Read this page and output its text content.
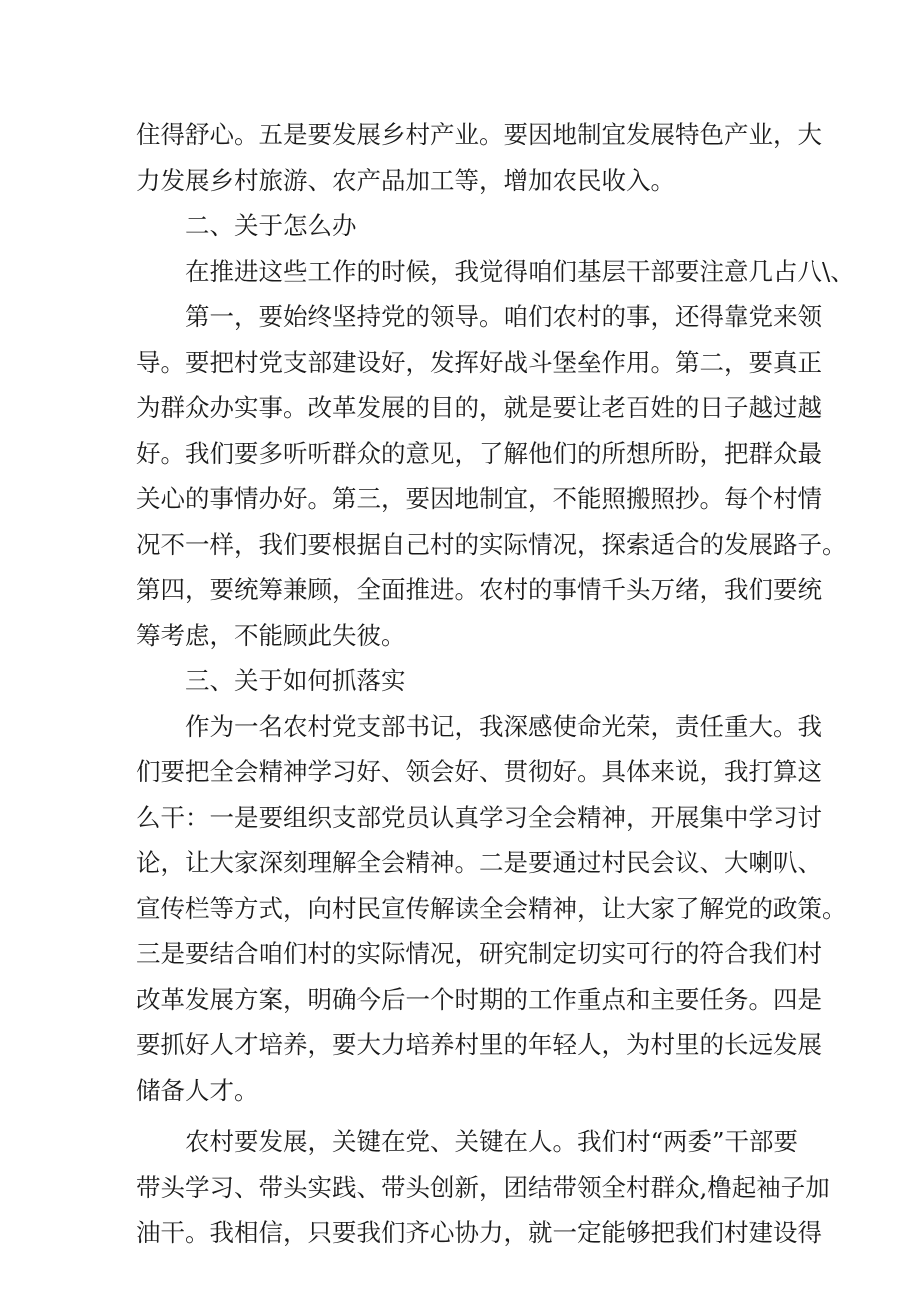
住得舒心。五是要发展乡村产业。要因地制宜发展特色产业，大
力发展乡村旅游、农产品加工等，增加农民收入。
二、关于怎么办
在推进这些工作的时候，我觉得咱们基层干部要注意几占八\、
第一，要始终坚持党的领导。咱们农村的事，还得靠党来领
导。要把村党支部建设好，发挥好战斗堡垒作用。第二，要真正
为群众办实事。改革发展的目的，就是要让老百姓的日子越过越
好。我们要多听听群众的意见，了解他们的所想所盼，把群众最
关心的事情办好。第三，要因地制宜，不能照搬照抄。每个村情
况不一样，我们要根据自己村的实际情况，探索适合的发展路子。
第四，要统筹兼顾，全面推进。农村的事情千头万绪，我们要统
筹考虑，不能顾此失彼。
三、关于如何抓落实
作为一名农村党支部书记，我深感使命光荣，责任重大。我
们要把全会精神学习好、领会好、贯彻好。具体来说，我打算这
么干：一是要组织支部党员认真学习全会精神，开展集中学习讨
论，让大家深刻理解全会精神。二是要通过村民会议、大喇叭、
宣传栏等方式，向村民宣传解读全会精神，让大家了解党的政策。
三是要结合咱们村的实际情况，研究制定切实可行的符合我们村
改革发展方案，明确今后一个时期的工作重点和主要任务。四是
要抓好人才培养，要大力培养村里的年轻人，为村里的长远发展
储备人才。
农村要发展，关键在党、关键在人。我们村“两委”干部要
带头学习、带头实践、带头创新，团结带领全村群众,橹起袖子加
油干。我相信，只要我们齐心协力，就一定能够把我们村建设得
